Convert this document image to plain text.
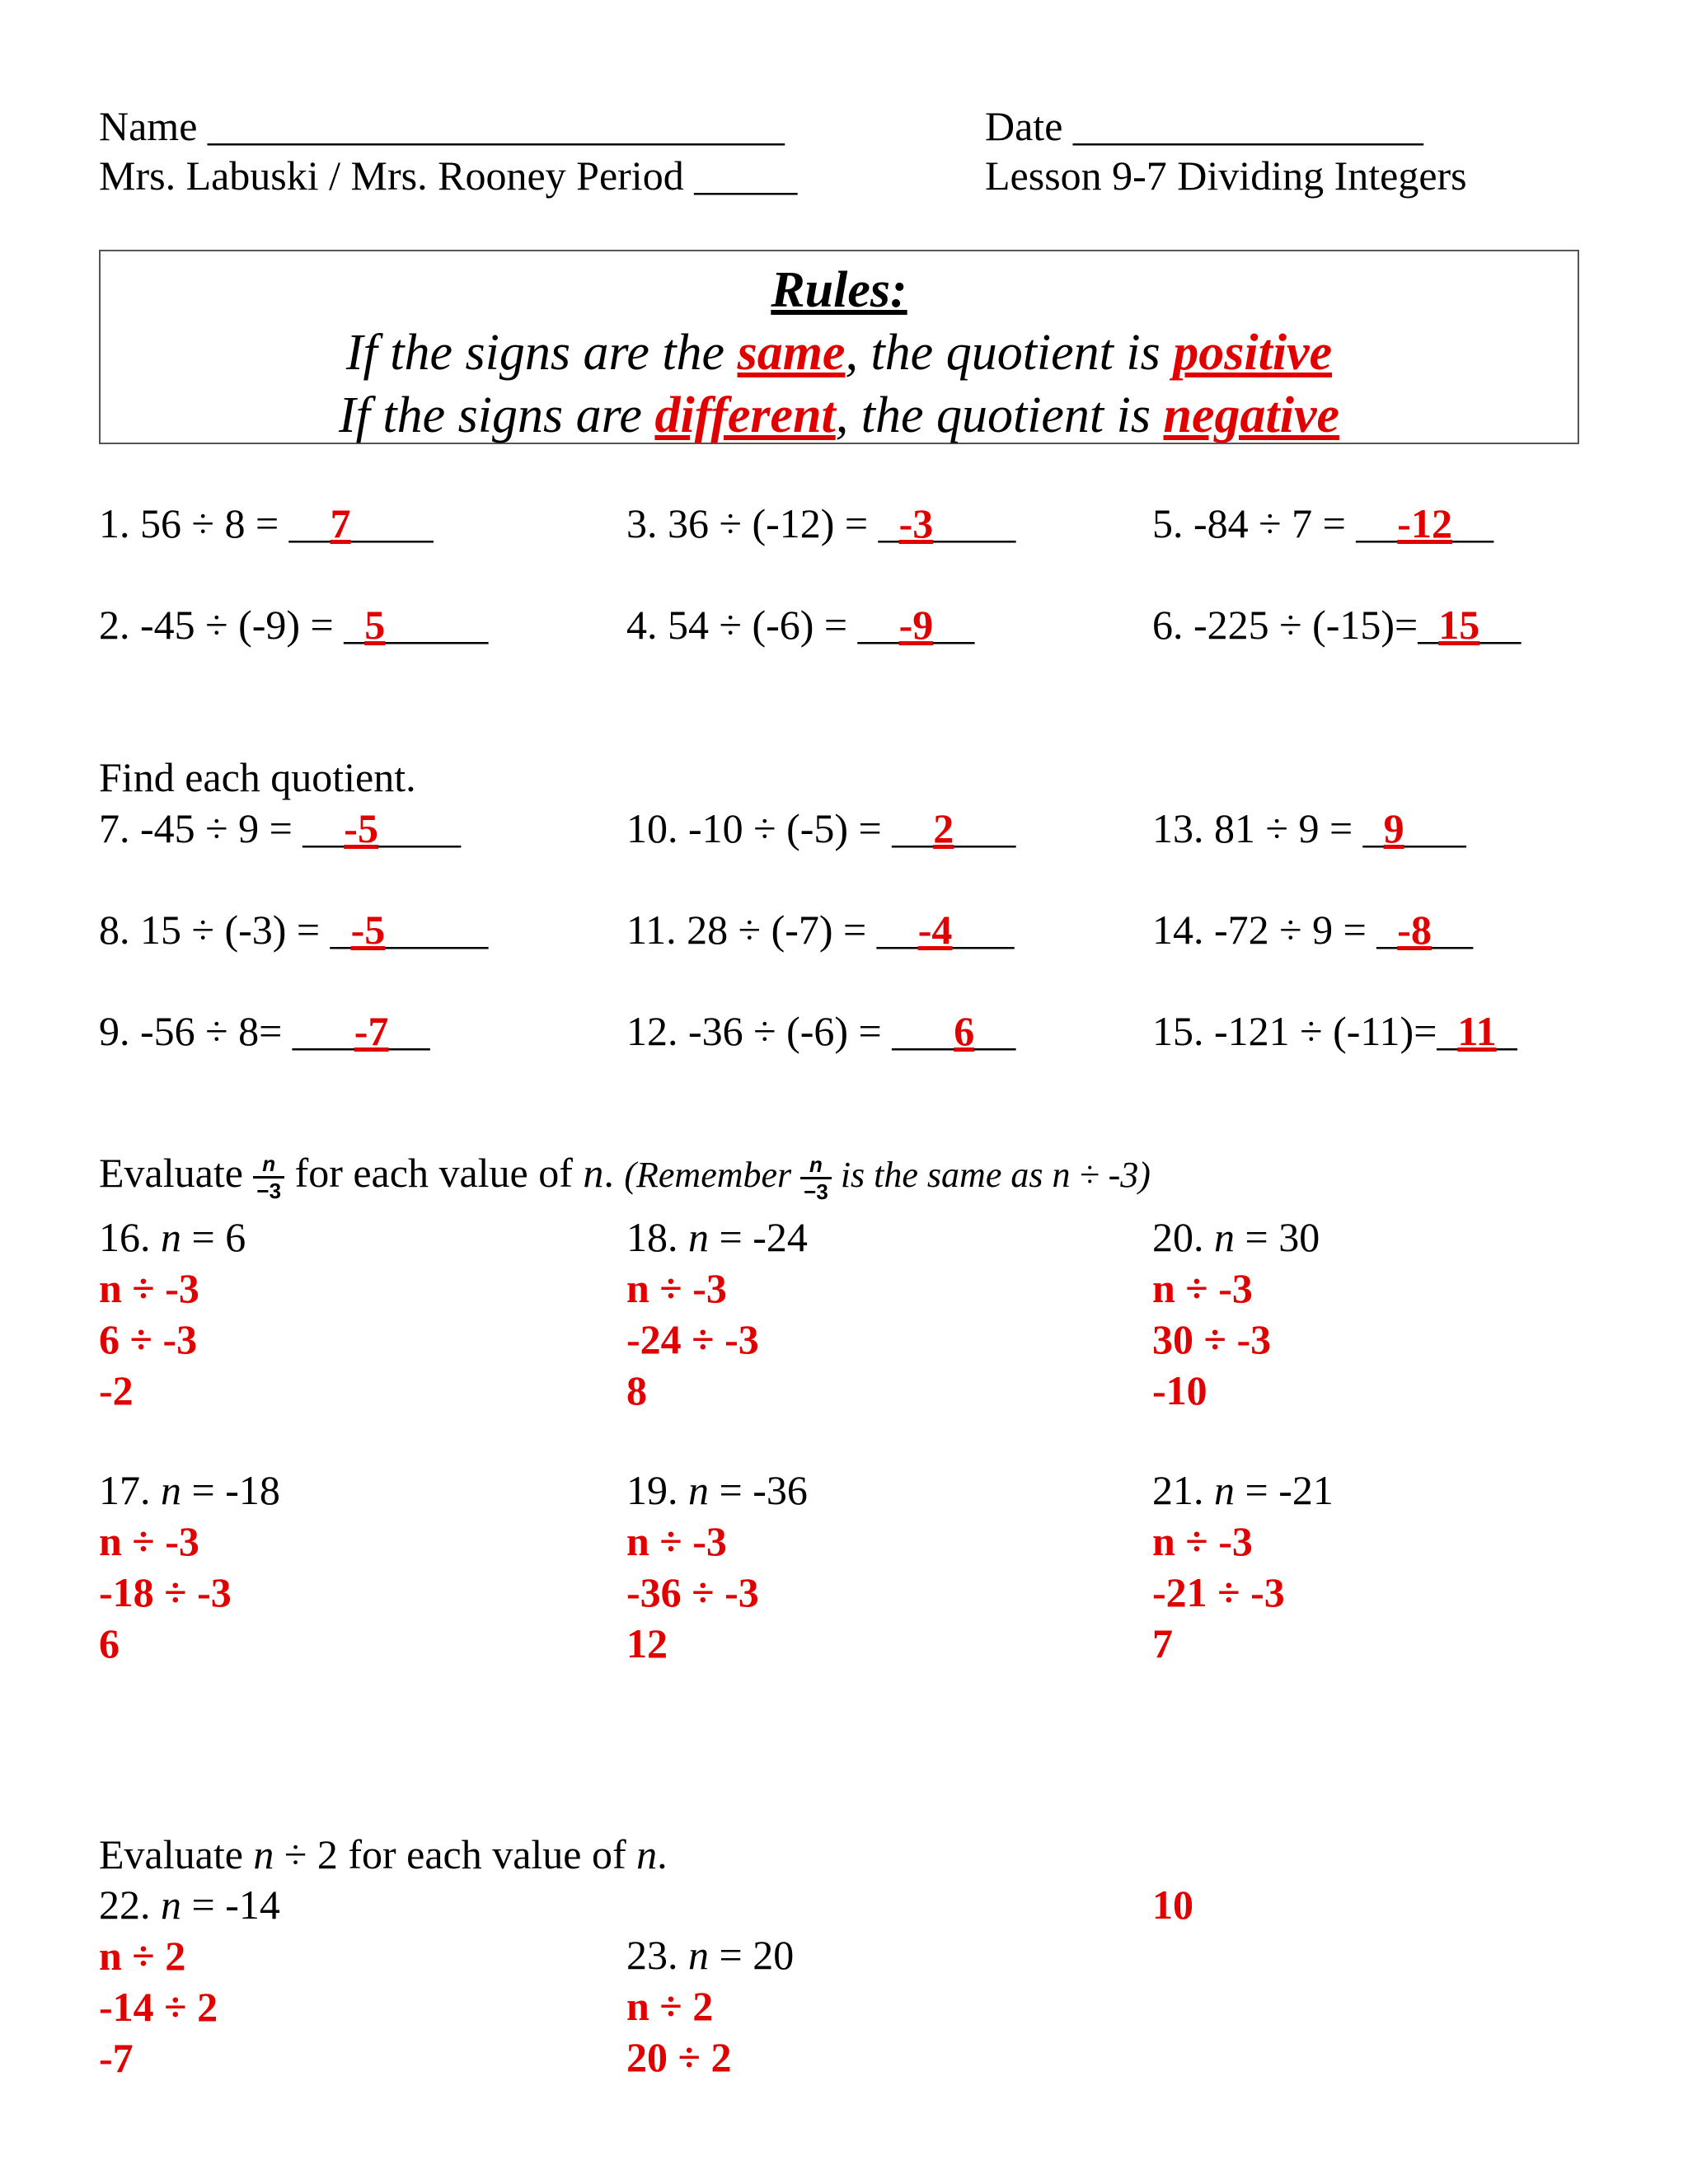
Name ____________________________	Date _________________
Mrs. Labuski / Mrs. Rooney Period _____	Lesson 9-7 Dividing Integers
Rules:
If the signs are the same, the quotient is positive
If the signs are different, the quotient is negative
1. 56 ÷ 8 = __7____	3. 36 ÷ (-12) = _-3____	5. -84 ÷ 7 = __-12__
2. -45 ÷ (-9) = _5_____	4. 54 ÷ (-6) = __-9__	6. -225 ÷ (-15)=_15__
Find each quotient.
7. -45 ÷ 9 = __-5____	10. -10 ÷ (-5) = __2___	13. 81 ÷ 9 = _9___
8. 15 ÷ (-3) = _-5_____	11. 28 ÷ (-7) = __-4___	14. -72 ÷ 9 = _-8__
9. -56 ÷ 8= ___-7__	12. -36 ÷ (-6) = ___6__	15. -121 ÷ (-11)=_11_
Evaluate $\frac{n}{-3}$ for each value of n. (Remember $\frac{n}{-3}$ is the same as n ÷ -3)
16. n = 6
n ÷ -3
6 ÷ -3
-2
18. n = -24
n ÷ -3
-24 ÷ -3
8
20. n = 30
n ÷ -3
30 ÷ -3
-10
17. n = -18
n ÷ -3
-18 ÷ -3
6
19. n = -36
n ÷ -3
-36 ÷ -3
12
21. n = -21
n ÷ -3
-21 ÷ -3
7
Evaluate n ÷ 2 for each value of n.
22. n = -14
n ÷ 2
-14 ÷ 2
-7
23. n = 20
n ÷ 2
20 ÷ 2
10
